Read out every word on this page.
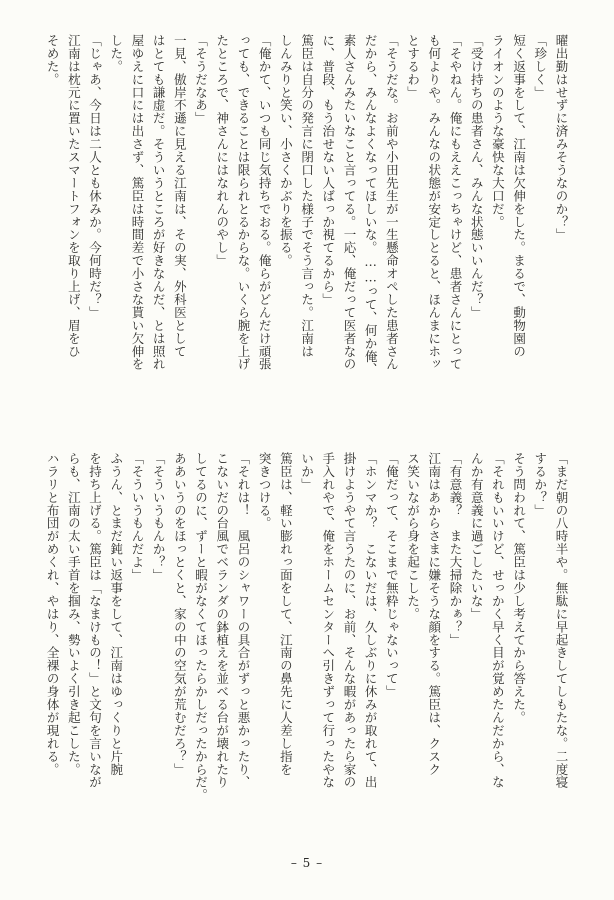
曜出勤はせずに済みそうなのか？」
「珍しく」
短く返事をして、江南は欠伸をした。まるで、動物園の
ライオンのような豪快な大口だ。
「受け持ちの患者さん、みんな状態いいんだ？」
「そやねん。俺にもええこっちゃけど、患者さんにとって
も何よりや。みんなの状態が安定しとると、ほんまにホッ
とするわ」
「そうだな。お前や小田先生が一生懸命オペした患者さん
だから、みんなよくなってほしいな。……って、何か俺、
素人さんみたいなこと言ってる。一応、俺だって医者なの
に、普段、もう治せない人ばっか視てるから」
篤臣は自分の発言に閉口した様子でそう言った。江南は
しんみりと笑い、小さくかぶりを振る。
「俺かて、いつも同じ気持ちでおる。俺らがどんだけ頑張
っても、できることは限られとるからな。いくら腕を上げ
たところで、神さんにはなれんのやし」
「そうだなあ」
一見、傲岸不遜に見える江南は、その実、外科医として
はとても謙虚だ。そういうところが好きなんだ、とは照れ
屋ゆえに口には出さず、篤臣は時間差で小さな貰い欠伸を
した。
「じゃあ、今日は二人とも休みか。今何時だ？」
江南は枕元に置いたスマートフォンを取り上げ、眉をひ
そめた。
「まだ朝の八時半や。無駄に早起きしてしもたな。二度寝
するか？」
そう問われて、篤臣は少し考えてから答えた。
「それもいいけど、せっかく早く目が覚めたんだから、な
んか有意義に過ごしたいな」
「有意義？　また大掃除かぁ？」
江南はあからさまに嫌そうな顔をする。篤臣は、クスク
ス笑いながら身を起こした。
「俺だって、そこまで無粋じゃないって」
「ホンマか？　こないだは、久しぶりに休みが取れて、出
掛けようやて言うたのに、お前、そんな暇があったら家の
手入れやで、俺をホームセンターへ引きずって行ったやな
いか」
篤臣は、軽い膨れっ面をして、江南の鼻先に人差し指を
突きつける。
「それは！　風呂のシャワーの具合がずっと悪かったり、
こないだの台風でベランダの鉢植えを並べる台が壊れたり
してるのに、ずーと暇がなくてほったらかしだったからだ。
ああいうのをほっとくと、家の中の空気が荒むだろ？」
「そういうもんか？」
「そういうもんだよ」
ふうん、とまだ鈍い返事をして、江南はゆっくりと片腕
を持ち上げる。篤臣は「なまけもの！」と文句を言いなが
らも、江南の太い手首を掴み、勢いよく引き起こした。
ハラリと布団がめくれ、やはり、全裸の身体が現れる。
– 5 –
